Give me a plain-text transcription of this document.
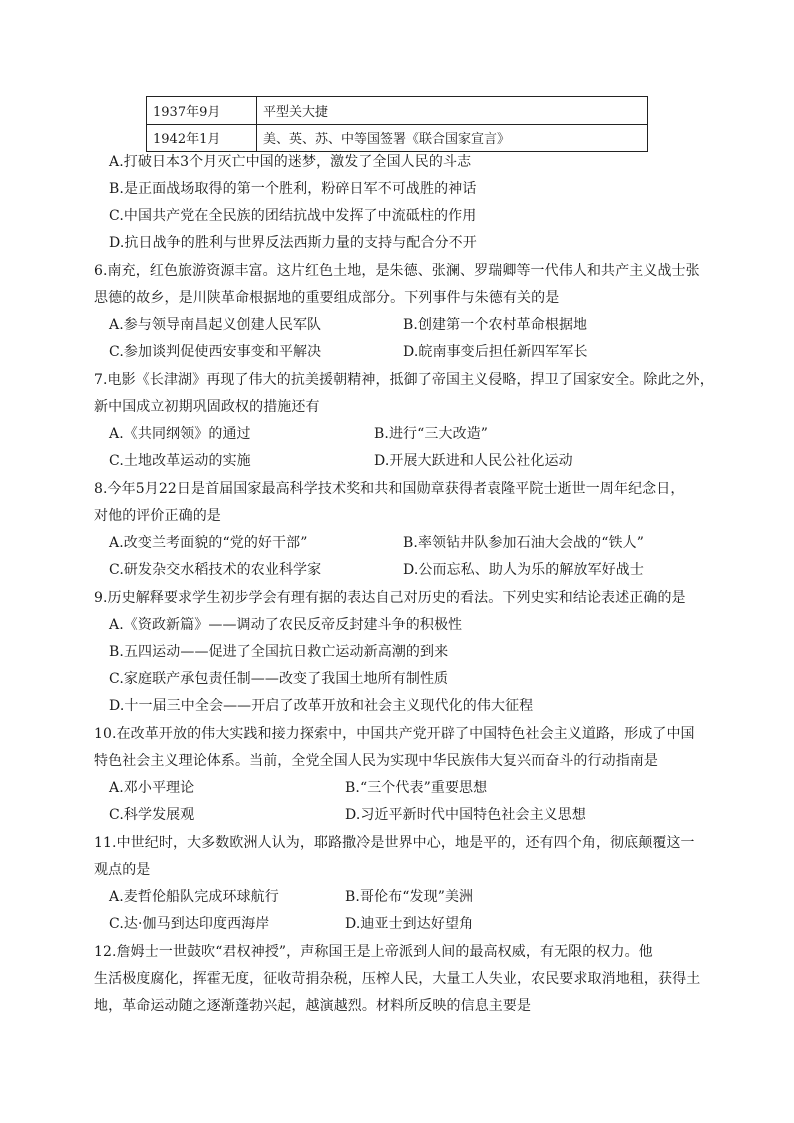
1937年9月	平型关大捷
1942年1月	美、英、苏、中等国签署《联合国家宣言》
A.打破日本3个月灭亡中国的迷梦，激发了全国人民的斗志
B.是正面战场取得的第一个胜利，粉碎日军不可战胜的神话
C.中国共产党在全民族的团结抗战中发挥了中流砥柱的作用
D.抗日战争的胜利与世界反法西斯力量的支持与配合分不开
6.南充，红色旅游资源丰富。这片红色土地，是朱德、张澜、罗瑞卿等一代伟人和共产主义战士张
思德的故乡，是川陕革命根据地的重要组成部分。下列事件与朱德有关的是
A.参与领导南昌起义创建人民军队	B.创建第一个农村革命根据地
C.参加谈判促使西安事变和平解决	D.皖南事变后担任新四军军长
7.电影《长津湖》再现了伟大的抗美援朝精神，抵御了帝国主义侵略，捍卫了国家安全。除此之外，
新中国成立初期巩固政权的措施还有
A.《共同纲领》的通过	B.进行“三大改造”
C.土地改革运动的实施	D.开展大跃进和人民公社化运动
8.今年5月22日是首届国家最高科学技术奖和共和国勋章获得者袁隆平院士逝世一周年纪念日，
对他的评价正确的是
A.改变兰考面貌的“党的好干部”	B.率领钻井队参加石油大会战的“铁人”
C.研发杂交水稻技术的农业科学家	D.公而忘私、助人为乐的解放军好战士
9.历史解释要求学生初步学会有理有据的表达自己对历史的看法。下列史实和结论表述正确的是
A.《资政新篇》——调动了农民反帝反封建斗争的积极性
B.五四运动——促进了全国抗日救亡运动新高潮的到来
C.家庭联产承包责任制——改变了我国土地所有制性质
D.十一届三中全会——开启了改革开放和社会主义现代化的伟大征程
10.在改革开放的伟大实践和接力探索中，中国共产党开辟了中国特色社会主义道路，形成了中国
特色社会主义理论体系。当前，全党全国人民为实现中华民族伟大复兴而奋斗的行动指南是
A.邓小平理论	B.“三个代表”重要思想
C.科学发展观	D.习近平新时代中国特色社会主义思想
11.中世纪时，大多数欧洲人认为，耶路撒冷是世界中心，地是平的，还有四个角，彻底颠覆这一
观点的是
A.麦哲伦船队完成环球航行	B.哥伦布“发现”美洲
C.达·伽马到达印度西海岸	D.迪亚士到达好望角
12.詹姆士一世鼓吹“君权神授”，声称国王是上帝派到人间的最高权威，有无限的权力。他
生活极度腐化，挥霍无度，征收苛捐杂税，压榨人民，大量工人失业，农民要求取消地租，获得土
地，革命运动随之逐渐蓬勃兴起，越演越烈。材料所反映的信息主要是
